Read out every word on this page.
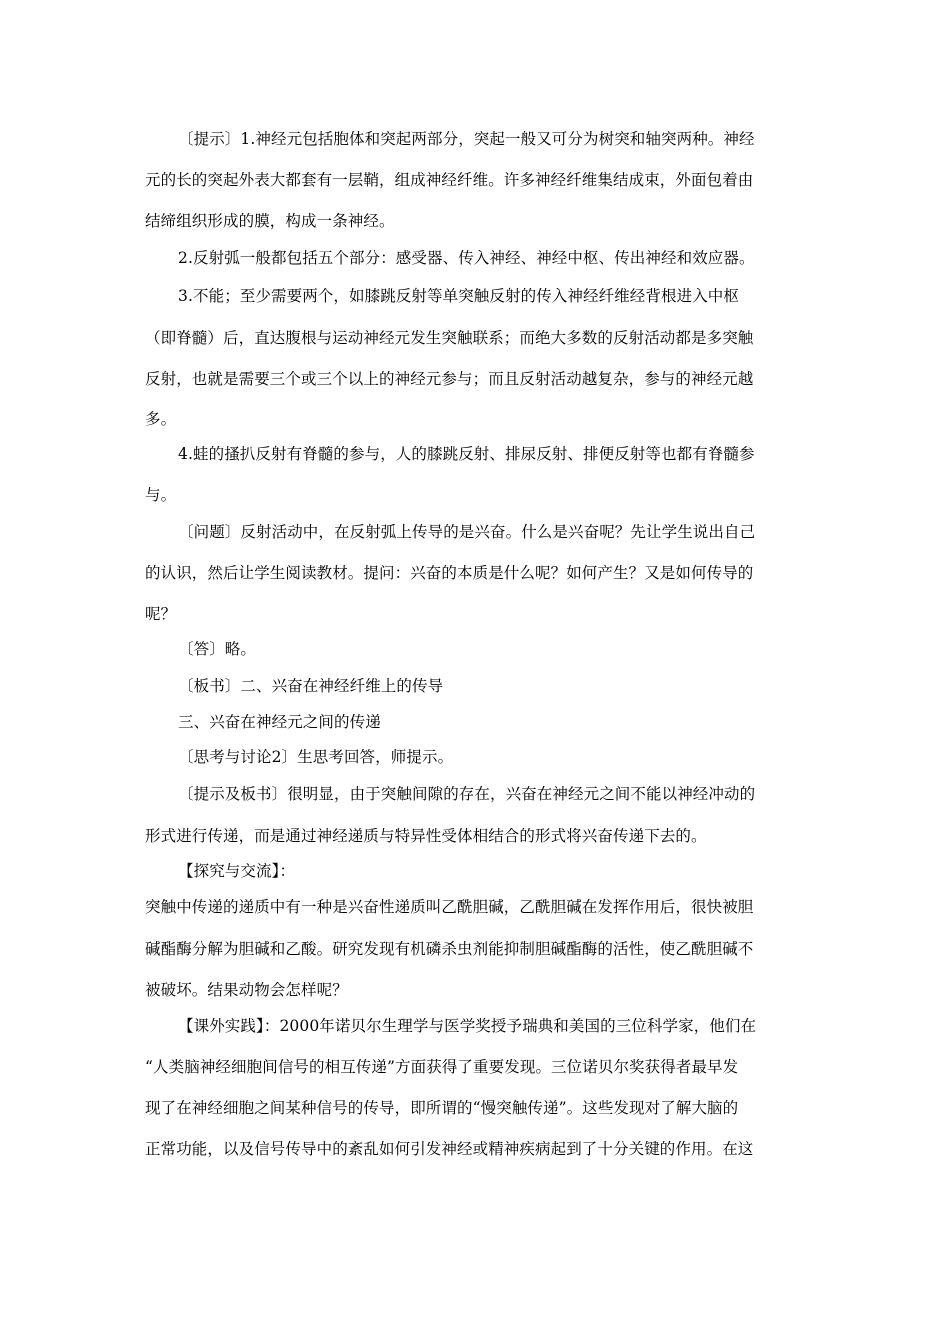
〔提示〕1.神经元包括胞体和突起两部分，突起一般又可分为树突和轴突两种。神经
元的长的突起外表大都套有一层鞘，组成神经纤维。许多神经纤维集结成束，外面包着由
结缔组织形成的膜，构成一条神经。
2.反射弧一般都包括五个部分：感受器、传入神经、神经中枢、传出神经和效应器。
3.不能；至少需要两个，如膝跳反射等单突触反射的传入神经纤维经背根进入中枢
（即脊髓）后，直达腹根与运动神经元发生突触联系；而绝大多数的反射活动都是多突触
反射，也就是需要三个或三个以上的神经元参与；而且反射活动越复杂，参与的神经元越
多。
4.蛙的搔扒反射有脊髓的参与，人的膝跳反射、排尿反射、排便反射等也都有脊髓参
与。
〔问题〕反射活动中，在反射弧上传导的是兴奋。什么是兴奋呢？先让学生说出自己
的认识，然后让学生阅读教材。提问：兴奋的本质是什么呢？如何产生？又是如何传导的
呢？
〔答〕略。
〔板书〕二、兴奋在神经纤维上的传导
三、兴奋在神经元之间的传递
〔思考与讨论2〕生思考回答，师提示。
〔提示及板书〕很明显，由于突触间隙的存在，兴奋在神经元之间不能以神经冲动的
形式进行传递，而是通过神经递质与特异性受体相结合的形式将兴奋传递下去的。
【探究与交流】：
突触中传递的递质中有一种是兴奋性递质叫乙酰胆碱，乙酰胆碱在发挥作用后，很快被胆
碱酯酶分解为胆碱和乙酸。研究发现有机磷杀虫剂能抑制胆碱酯酶的活性，使乙酰胆碱不
被破坏。结果动物会怎样呢？
【课外实践】：2000年诺贝尔生理学与医学奖授予瑞典和美国的三位科学家，他们在
“人类脑神经细胞间信号的相互传递”方面获得了重要发现。三位诺贝尔奖获得者最早发
现了在神经细胞之间某种信号的传导，即所谓的“慢突触传递”。这些发现对了解大脑的
正常功能，以及信号传导中的紊乱如何引发神经或精神疾病起到了十分关键的作用。在这
